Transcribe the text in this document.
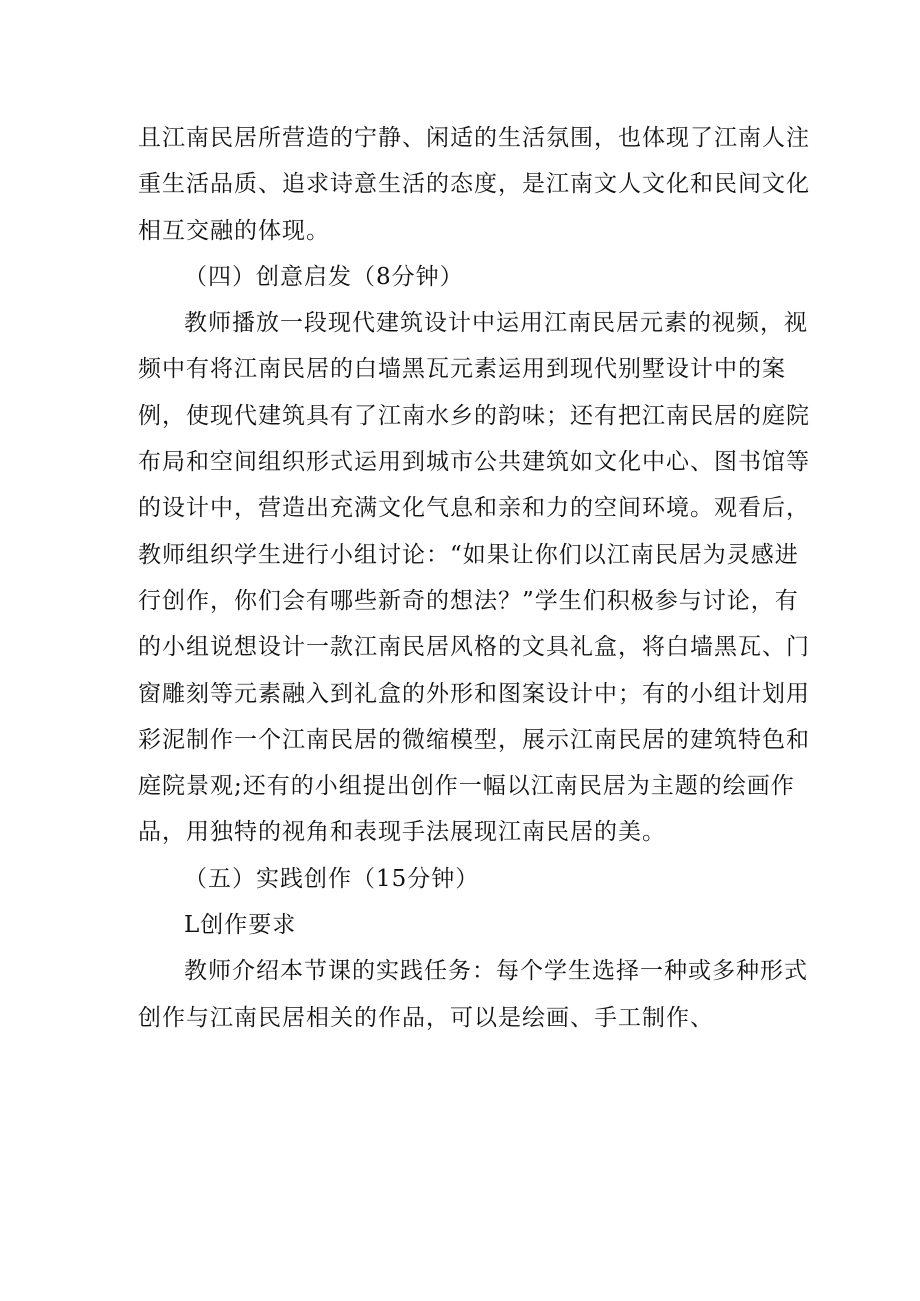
且江南民居所营造的宁静、闲适的生活氛围，也体现了江南人注
重生活品质、追求诗意生活的态度，是江南文人文化和民间文化
相互交融的体现。
（四）创意启发（8分钟）
教师播放一段现代建筑设计中运用江南民居元素的视频，视
频中有将江南民居的白墙黑瓦元素运用到现代别墅设计中的案
例，使现代建筑具有了江南水乡的韵味；还有把江南民居的庭院
布局和空间组织形式运用到城市公共建筑如文化中心、图书馆等
的设计中，营造出充满文化气息和亲和力的空间环境。观看后，
教师组织学生进行小组讨论：“如果让你们以江南民居为灵感进
行创作，你们会有哪些新奇的想法？”学生们积极参与讨论，有
的小组说想设计一款江南民居风格的文具礼盒，将白墙黑瓦、门
窗雕刻等元素融入到礼盒的外形和图案设计中；有的小组计划用
彩泥制作一个江南民居的微缩模型，展示江南民居的建筑特色和
庭院景观;还有的小组提出创作一幅以江南民居为主题的绘画作
品，用独特的视角和表现手法展现江南民居的美。
（五）实践创作（15分钟）
L创作要求
教师介绍本节课的实践任务：每个学生选择一种或多种形式
创作与江南民居相关的作品，可以是绘画、手工制作、
